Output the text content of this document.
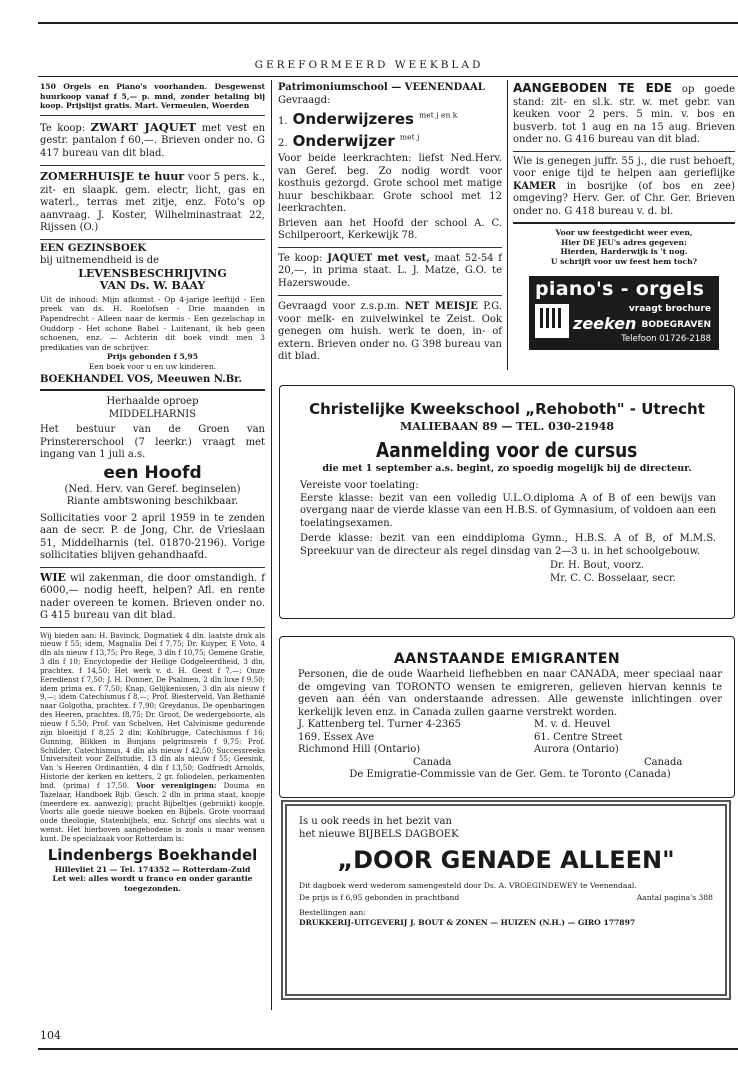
GEREFORMEERD WEEKBLAD
150 Orgels en Piano's voorhanden. Desgewenst huurkoop vanaf f 5,— p. mnd, zonder betaling bij koop. Prijslijst gratis. Mart. Vermeulen, Woerden
Te koop: ZWART JAQUET met vest en gestr. pantalon f 60,—. Brieven onder no. G 417 bureau van dit blad.
ZOMERHUISJE te huur voor 5 pers. k., zit- en slaapk. gem. electr, licht, gas en waterl., terras met zitje, enz. Foto's op aanvraag. J. Koster, Wilhelminastraat 22, Rijssen (O.)
EEN GEZINSBOEK
bij uitnemendheid is de
LEVENSBESCHRIJVING
VAN Ds. W. BAAY
Uit de inhoud: Mijn afkomst - Op 4-jarige leeftijd - Een preek van ds. H. Roelofsen - Drie maanden in Papendrecht - Alleen naar de kermis - Een gezelschap in Ouddorp - Het schone Babel - Luitenant, ik heb geen schoenen, enz. — Achterin dit boek vindt men 3 predikaties van de schrijver.
Prijs gebonden f 5,95
Een boek voor u en uw kinderen.
BOEKHANDEL VOS, Meeuwen N.Br.
Herhaalde oproep
MIDDELHARNIS
Het bestuur van de Groen van Prinstererschool (7 leerkr.) vraagt met ingang van 1 juli a.s.
een Hoofd
(Ned. Herv. van Geref. beginselen)
Riante ambtswoning beschikbaar.
Sollicitaties voor 2 april 1959 in te zenden aan de secr. P. de Jong, Chr. de Vrieslaan 51, Middelharnis (tel. 01870-2196). Vorige sollicitaties blijven gehandhaafd.
WIE wil zakenman, die door omstandigh. f 6000,— nodig heeft, helpen? Afl. en rente nader overeen te komen. Brieven onder no. G 415 bureau van dit blad.
Wij bieden aan: H. Bavinck, Dogmatiek 4 dln. laatste druk als nieuw f 55; idem, Magnalia Dei f 7,75; Dr. Kuyper, E Voto, 4 dln als nieuw f 13,75; Pro Rege, 3 dln f 10,75; Gemene Gratie, 3 dln f 10; Encyclopedie der Heilige Godgeleerdheid, 3 dln, prachtex. f 14,50; Het werk v. d. H. Geest f 7,—; Onze Eeredienst f 7,50; J. H. Donner, De Psalmen, 2 dln luxe f 9,50; idem prima ex. f 7,50; Knap, Gelijkenissen, 3 dln als nieuw f 9,—; idem Catechismus f 8,—; Prof. Biesterveld, Van Bethanië naar Golgotha, prachtex. f 7,90; Greydanus, De openbaringen des Heeren, prachtex. f8,75; Dr. Groot, De wedergeboorte, als nieuw f 5,50; Prof. van Schelven, Het Calvinisme gedurende zijn bloeitijd f 8,25 2 dln; Kohlbrugge, Catechismus f 16; Gunning, Blikken in Bunjans pelgrimsreis f 9,75; Prof. Schilder, Catechismus, 4 dln als nieuw f 42,50; Successreeks Universiteit voor Zelfstudie, 13 dln als nieuw f 55; Geesink, Van 's Heeren Ordinantiën, 4 dln f 13,50; Godfriedt Arnolds, Historie der kerken en ketters, 2 gr. foliodelen, perkamenten bnd. (prima) f 17,50. Voor verenigingen: Douma en Tazelaar, Handboek Bijb. Gesch. 2 dln in prima staat, koopje (meerdere ex. aanwezig); pracht Bijbeltjes (gebruikt) koopje. Voorts alle goede nieuwe boeken en Bijbels. Grote voorraad oude theologie, Statenbijbels, enz. Schrijf ons slechts wat u wenst. Het hierboven aangebodene is zoals u maar wensen kunt. De specialzaak voor Rotterdam is:
Lindenbergs Boekhandel
Hillevliet 21 — Tel. 174352 — Rotterdam-Zuid
Let wel: alles wordt u franco en onder garantie toegezonden.
104
Patrimoniumschool — VEENENDAAL
Gevraagd:
1. Onderwijzeres $^{met j en k}$
2. Onderwijzer $^{met j}$
Voor beide leerkrachten: liefst Ned.Herv. van Geref. beg. Zo nodig wordt voor kosthuis gezorgd. Grote school met matige huur beschikbaar. Grote school met 12 leerkrachten.
Brieven aan het Hoofd der school A. C. Schilperoort, Kerkewijk 78.
Te koop: JAQUET met vest, maat 52-54 f 20,—, in prima staat. L. J. Matze, G.O. te Hazerswoude.
Gevraagd voor z.s.p.m. NET MEISJE P.G. voor melk- en zuivelwinkel te Zeist. Ook genegen om huish. werk te doen, in- of extern. Brieven onder no. G 398 bureau van dit blad.
AANGEBODEN TE EDE op goede stand: zit- en sl.k. str. w. met gebr. van keuken voor 2 pers. 5 min. v. bos en busverb. tot 1 aug en na 15 aug. Brieven onder no. G 416 bureau van dit blad.
Wie is genegen juffr. 55 j., die rust behoeft, voor enige tijd te helpen aan gerieflijke KAMER in bosrijke (of bos en zee) omgeving? Herv. Ger. of Chr. Ger. Brieven onder no. G 418 bureau v. d. bl.
Voor uw feestgedicht weer even,
Hier DE JEU's adres gegeven:
Hierden, Harderwijk is 't nog.
U schrijft voor uw feest hem toch?
piano's - orgels
vraagt brochure
zeeken BODEGRAVEN
Telefoon 01726-2188
Christelijke Kweekschool „Rehoboth" - Utrecht
MALIEBAAN 89 — TEL. 030-21948
Aanmelding voor de cursus
die met 1 september a.s. begint, zo spoedig mogelijk bij de directeur.
Vereiste voor toelating:
Eerste klasse: bezit van een volledig U.L.O.diploma A of B of een bewijs van overgang naar de vierde klasse van een H.B.S. of Gymnasium, of voldoen aan een toelatingsexamen.
Derde klasse: bezit van een einddiploma Gymn., H.B.S. A of B, of M.M.S. Spreekuur van de directeur als regel dinsdag van 2—3 u. in het schoolgebouw.
Dr. H. Bout, voorz.
Mr. C. C. Bosselaar, secr.
AANSTAANDE EMIGRANTEN
Personen, die de oude Waarheid liefhebben en naar CANADA, meer speciaal naar de omgeving van TORONTO wensen te emigreren, gelieven hiervan kennis te geven aan één van onderstaande adressen. Alle gewenste inlichtingen over kerkelijk leven enz. in Canada zullen gaarne verstrekt worden.
J. Kattenberg tel. Turner 4-2365
169. Essex Ave
Richmond Hill (Ontario)
Canada
M. v. d. Heuvel
61. Centre Street
Aurora (Ontario)
Canada
De Emigratie-Commissie van de Ger. Gem. te Toronto (Canada)
Is u ook reeds in het bezit van
het nieuwe BIJBELS DAGBOEK
„DOOR GENADE ALLEEN"
Dit dagboek werd wederom samengesteld door Ds. A. VROEGINDEWEY te Veenendaal.
De prijs is f 6,95 gebonden in prachtband	Aantal pagina's 388
Bestellingen aan:
DRUKKERIJ-UITGEVERIJ J. BOUT & ZONEN — HUIZEN (N.H.) — GIRO 177897
